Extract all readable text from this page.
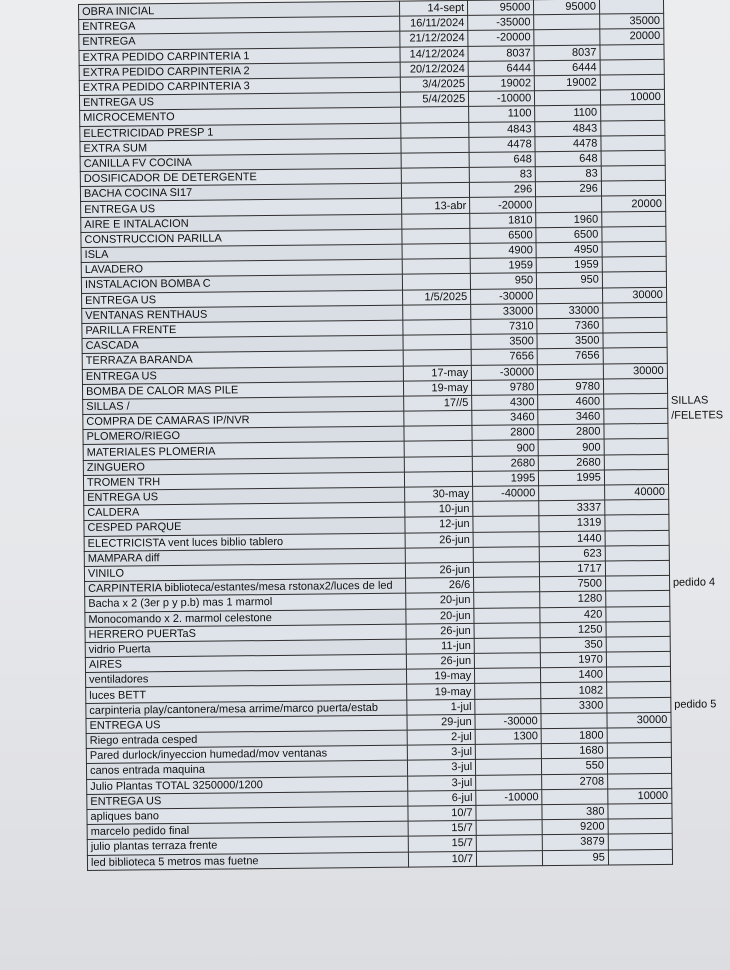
OBRA INICIAL	14-sept	95000	95000		
ENTREGA	16/11/2024	-35000		35000	
ENTREGA	21/12/2024	-20000		20000	
EXTRA PEDIDO CARPINTERIA 1	14/12/2024	8037	8037		
EXTRA PEDIDO CARPINTERIA 2	20/12/2024	6444	6444		
EXTRA PEDIDO CARPINTERIA 3	3/4/2025	19002	19002		
ENTREGA US	5/4/2025	-10000		10000	
MICROCEMENTO		1100	1100		
ELECTRICIDAD PRESP 1		4843	4843		
EXTRA SUM		4478	4478		
CANILLA FV COCINA		648	648		
DOSIFICADOR DE DETERGENTE		83	83		
BACHA COCINA SI17		296	296		
ENTREGA US	13-abr	-20000		20000	
AIRE E INTALACION		1810	1960		
CONSTRUCCION PARILLA		6500	6500		
ISLA		4900	4950		
LAVADERO		1959	1959		
INSTALACION BOMBA C		950	950		
ENTREGA US	1/5/2025	-30000		30000	
VENTANAS RENTHAUS		33000	33000		
PARILLA FRENTE		7310	7360		
CASCADA		3500	3500		
TERRAZA BARANDA		7656	7656		
ENTREGA US	17-may	-30000		30000	
BOMBA DE CALOR MAS PILE	19-may	9780	9780		
SILLAS /	17//5	4300	4600		SILLAS
COMPRA DE CAMARAS IP/NVR		3460	3460		/FELETES
PLOMERO/RIEGO		2800	2800		
MATERIALES PLOMERIA		900	900		
ZINGUERO		2680	2680		
TROMEN TRH		1995	1995		
ENTREGA US	30-may	-40000		40000	
CALDERA	10-jun		3337		
CESPED PARQUE	12-jun		1319		
ELECTRICISTA vent luces biblio tablero	26-jun		1440		
MAMPARA diff			623		
VINILO	26-jun		1717		
CARPINTERIA biblioteca/estantes/mesa rstonax2/luces de led	26/6		7500		pedido 4
Bacha x 2 (3er p y p.b) mas 1 marmol	20-jun		1280		
Monocomando x 2. marmol celestone	20-jun		420		
HERRERO PUERTaS	26-jun		1250		
vidrio Puerta	11-jun		350		
AIRES	26-jun		1970		
ventiladores	19-may		1400		
luces BETT	19-may		1082		
carpinteria play/cantonera/mesa arrime/marco puerta/estab	1-jul		3300		pedido 5
ENTREGA US	29-jun	-30000		30000	
Riego entrada cesped	2-jul	1300	1800		
Pared durlock/inyeccion humedad/mov ventanas	3-jul		1680		
canos entrada maquina	3-jul		550		
Julio Plantas TOTAL 3250000/1200	3-jul		2708		
ENTREGA US	6-jul	-10000		10000	
apliques bano	10/7		380		
marcelo pedido final	15/7		9200		
julio plantas terraza frente	15/7		3879		
led biblioteca 5 metros mas fuetne	10/7		95		
